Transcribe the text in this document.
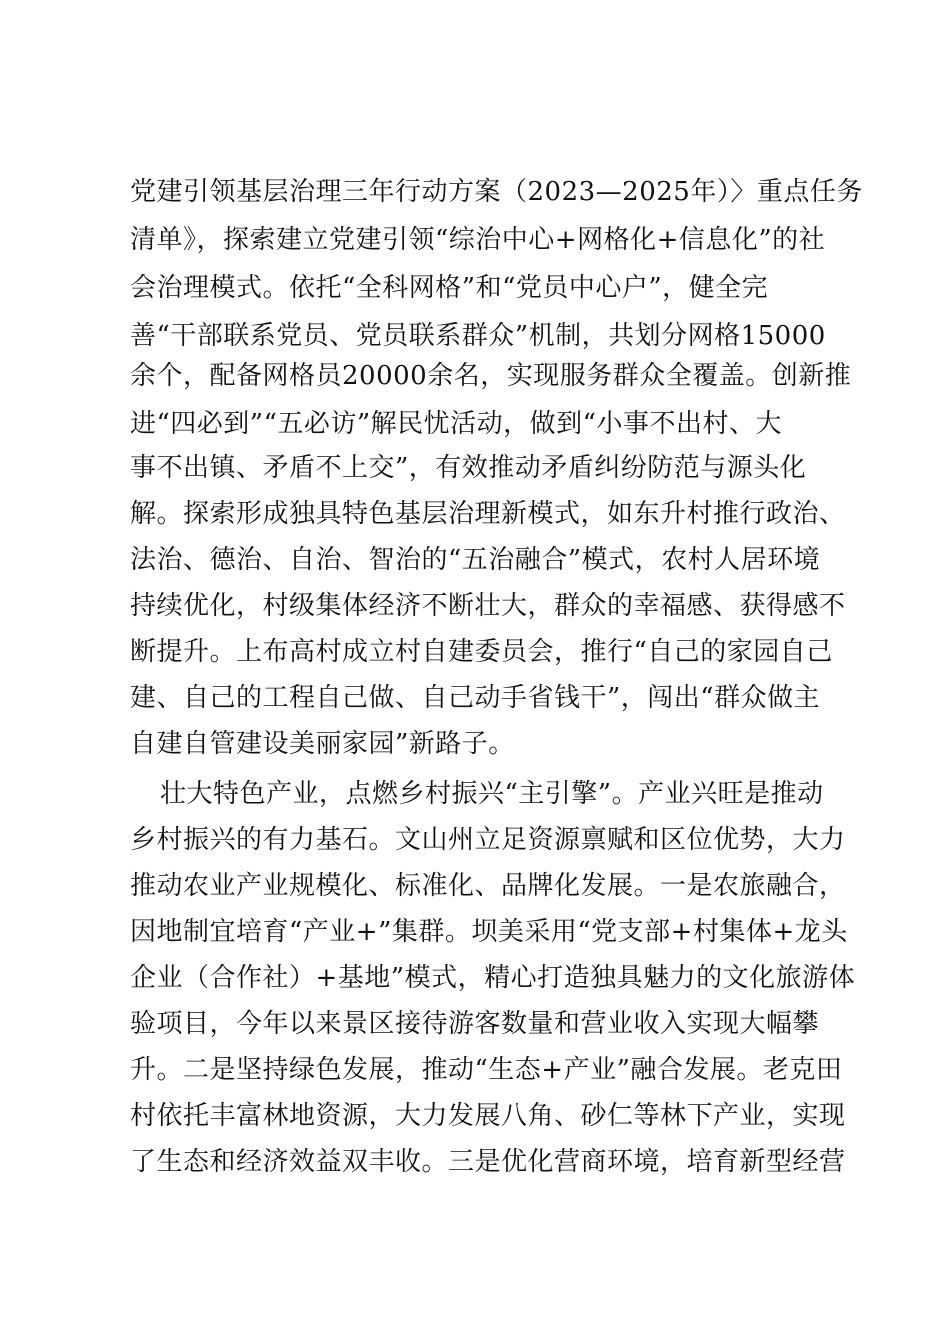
党建引领基层治理三年行动方案（2023—2025年）〉重点任务
清单》，探索建立党建引领“综治中心+网格化+信息化”的社
会治理模式。依托“全科网格”和“党员中心户”，健全完
善“干部联系党员、党员联系群众”机制，共划分网格15000
余个，配备网格员20000余名，实现服务群众全覆盖。创新推
进“四必到”“五必访”解民忧活动，做到“小事不出村、大
事不出镇、矛盾不上交”，有效推动矛盾纠纷防范与源头化
解。探索形成独具特色基层治理新模式，如东升村推行政治、
法治、德治、自治、智治的“五治融合”模式，农村人居环境
持续优化，村级集体经济不断壮大，群众的幸福感、获得感不
断提升。上布高村成立村自建委员会，推行“自己的家园自己
建、自己的工程自己做、自己动手省钱干”，闯出“群众做主
自建自管建设美丽家园”新路子。
壮大特色产业，点燃乡村振兴“主引擎”。产业兴旺是推动
乡村振兴的有力基石。文山州立足资源禀赋和区位优势，大力
推动农业产业规模化、标准化、品牌化发展。一是农旅融合，
因地制宜培育“产业+”集群。坝美采用“党支部+村集体+龙头
企业（合作社）+基地”模式，精心打造独具魅力的文化旅游体
验项目，今年以来景区接待游客数量和营业收入实现大幅攀
升。二是坚持绿色发展，推动“生态+产业”融合发展。老克田
村依托丰富林地资源，大力发展八角、砂仁等林下产业，实现
了生态和经济效益双丰收。三是优化营商环境，培育新型经营
